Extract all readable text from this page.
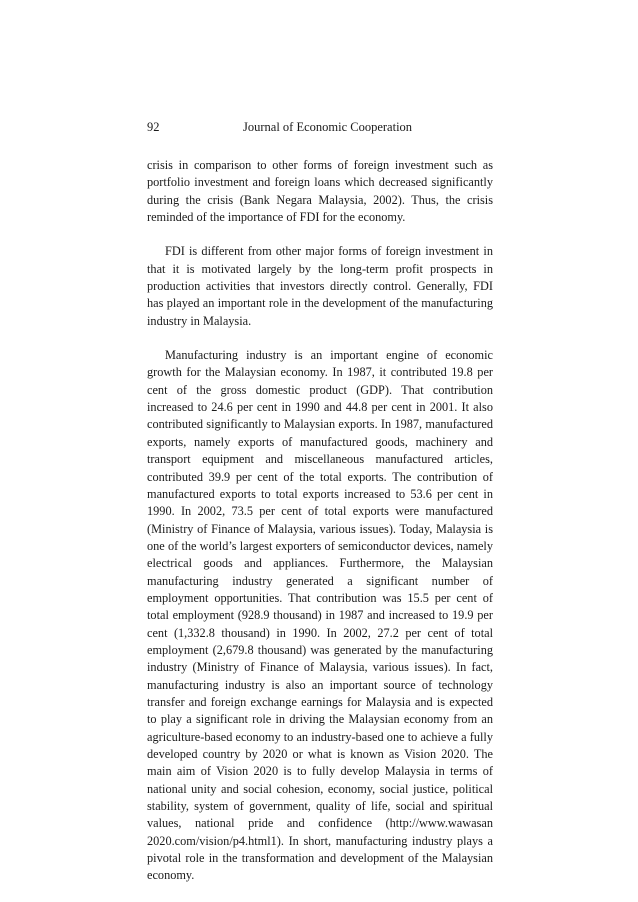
92	Journal of Economic Cooperation

crisis in comparison to other forms of foreign investment such as portfolio investment and foreign loans which decreased significantly during the crisis (Bank Negara Malaysia, 2002). Thus, the crisis reminded of the importance of FDI for the economy.

FDI is different from other major forms of foreign investment in that it is motivated largely by the long-term profit prospects in production activities that investors directly control. Generally, FDI has played an important role in the development of the manufacturing industry in Malaysia.

Manufacturing industry is an important engine of economic growth for the Malaysian economy. In 1987, it contributed 19.8 per cent of the gross domestic product (GDP). That contribution increased to 24.6 per cent in 1990 and 44.8 per cent in 2001. It also contributed significantly to Malaysian exports. In 1987, manufactured exports, namely exports of manufactured goods, machinery and transport equipment and miscellaneous manufactured articles, contributed 39.9 per cent of the total exports. The contribution of manufactured exports to total exports increased to 53.6 per cent in 1990. In 2002, 73.5 per cent of total exports were manufactured (Ministry of Finance of Malaysia, various issues). Today, Malaysia is one of the world’s largest exporters of semiconductor devices, namely electrical goods and appliances. Furthermore, the Malaysian manufacturing industry generated a significant number of employment opportunities. That contribution was 15.5 per cent of total employment (928.9 thousand) in 1987 and increased to 19.9 per cent (1,332.8 thousand) in 1990. In 2002, 27.2 per cent of total employment (2,679.8 thousand) was generated by the manufacturing industry (Ministry of Finance of Malaysia, various issues). In fact, manufacturing industry is also an important source of technology transfer and foreign exchange earnings for Malaysia and is expected to play a significant role in driving the Malaysian economy from an agriculture-based economy to an industry-based one to achieve a fully developed country by 2020 or what is known as Vision 2020. The main aim of Vision 2020 is to fully develop Malaysia in terms of national unity and social cohesion, economy, social justice, political stability, system of government, quality of life, social and spiritual values, national pride and confidence (http://www.wawasan 2020.com/vision/p4.html1). In short, manufacturing industry plays a pivotal role in the transformation and development of the Malaysian economy.
